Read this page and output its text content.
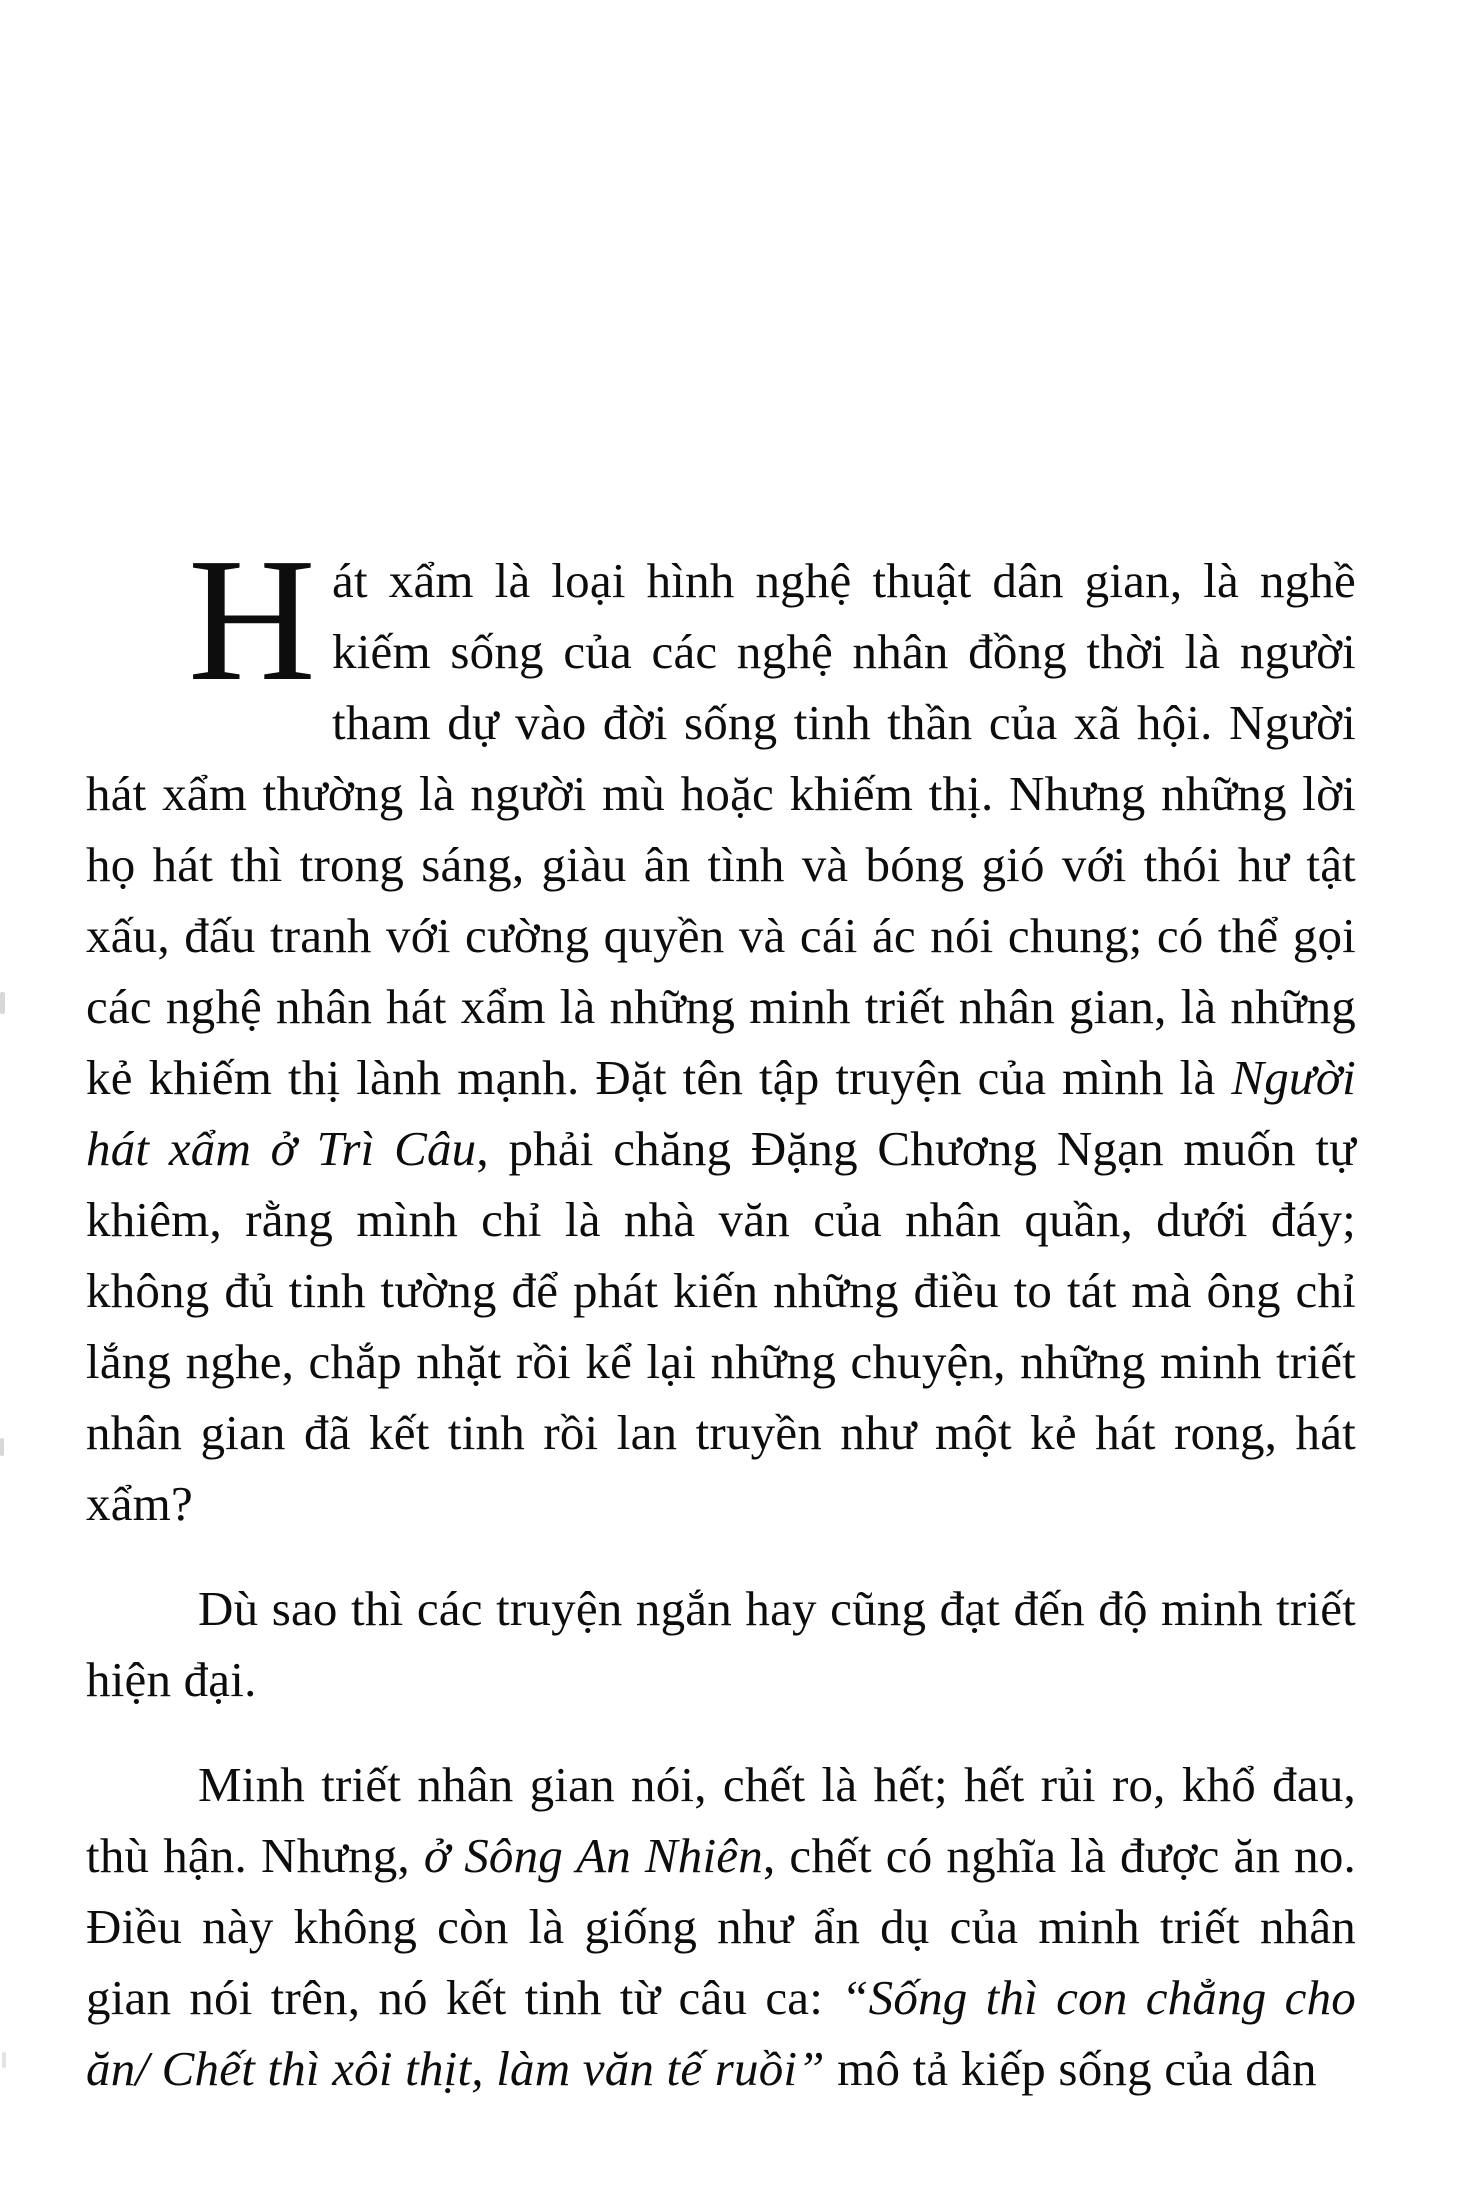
Hát xẩm là loại hình nghệ thuật dân gian, là nghề kiếm sống của các nghệ nhân đồng thời là người tham dự vào đời sống tinh thần của xã hội. Người hát xẩm thường là người mù hoặc khiếm thị. Nhưng những lời họ hát thì trong sáng, giàu ân tình và bóng gió với thói hư tật xấu, đấu tranh với cường quyền và cái ác nói chung; có thể gọi các nghệ nhân hát xẩm là những minh triết nhân gian, là những kẻ khiếm thị lành mạnh. Đặt tên tập truyện của mình là Người hát xẩm ở Trì Câu, phải chăng Đặng Chương Ngạn muốn tự khiêm, rằng mình chỉ là nhà văn của nhân quần, dưới đáy; không đủ tinh tường để phát kiến những điều to tát mà ông chỉ lắng nghe, chắp nhặt rồi kể lại những chuyện, những minh triết nhân gian đã kết tinh rồi lan truyền như một kẻ hát rong, hát xẩm?

Dù sao thì các truyện ngắn hay cũng đạt đến độ minh triết hiện đại.

Minh triết nhân gian nói, chết là hết; hết rủi ro, khổ đau, thù hận. Nhưng, ở Sông An Nhiên, chết có nghĩa là được ăn no. Điều này không còn là giống như ẩn dụ của minh triết nhân gian nói trên, nó kết tinh từ câu ca: “Sống thì con chẳng cho ăn/ Chết thì xôi thịt, làm văn tế ruồi” mô tả kiếp sống của dân
